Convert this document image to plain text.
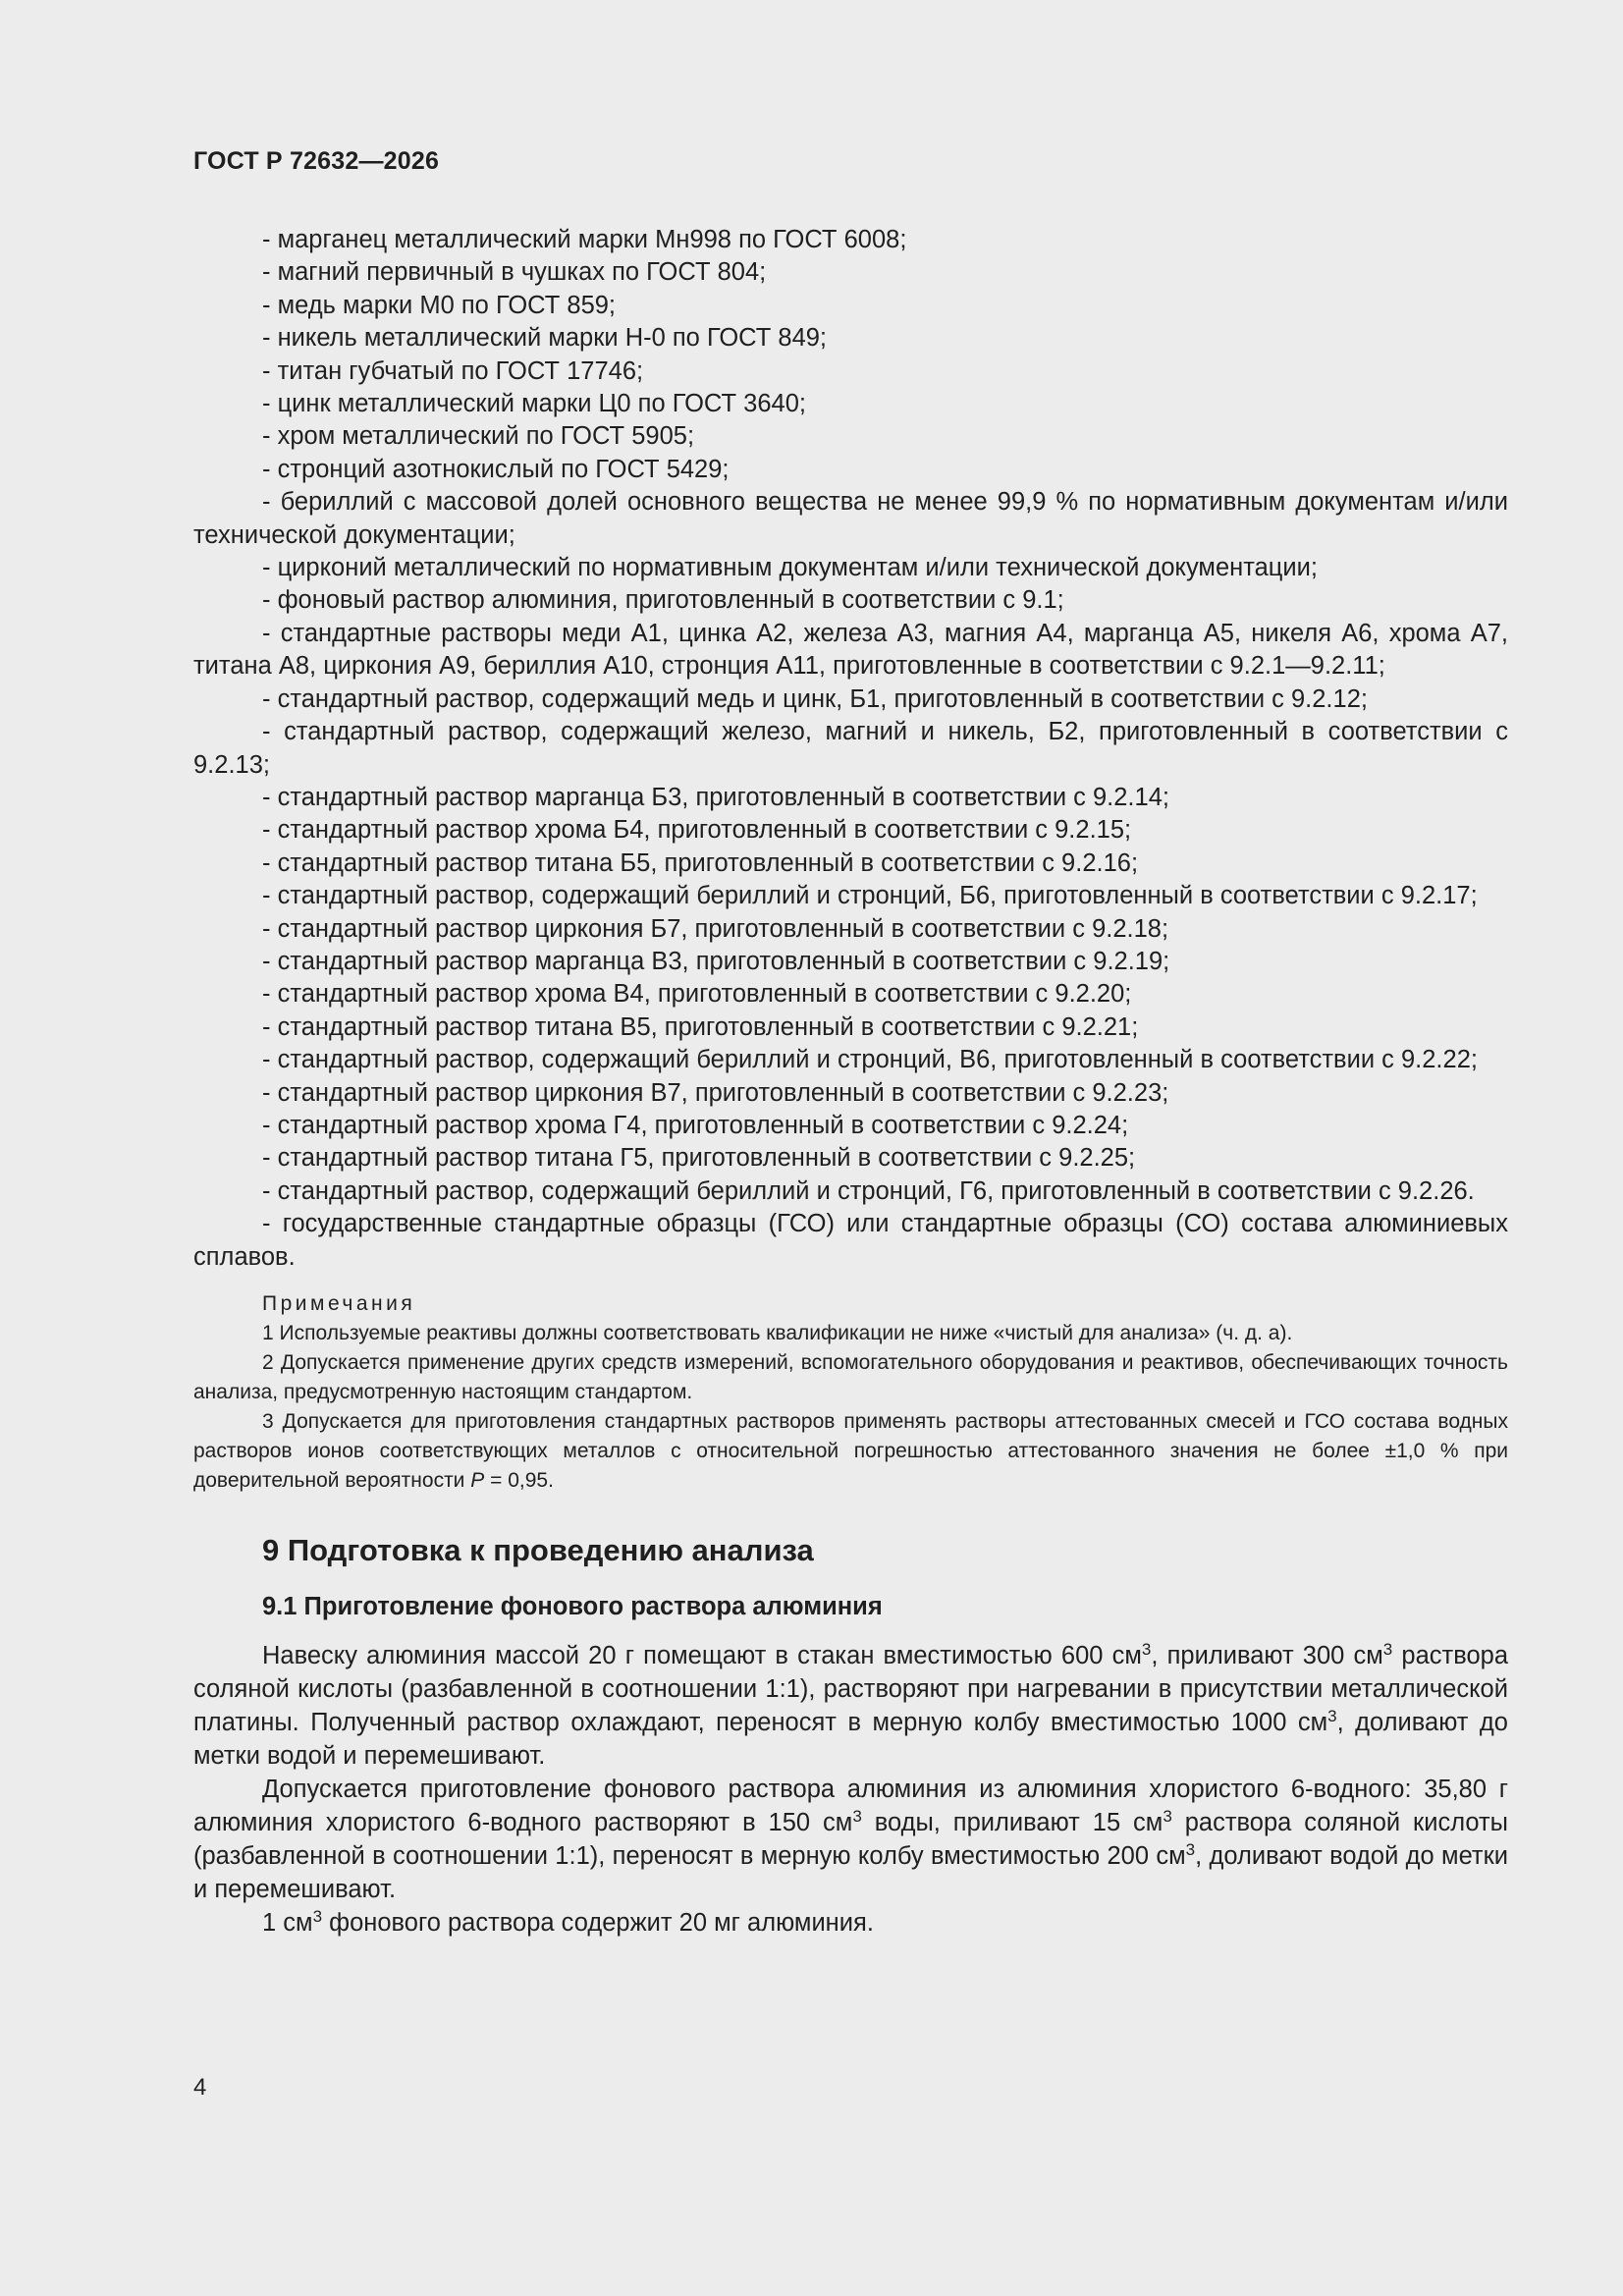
ГОСТ Р 72632—2026

- марганец металлический марки Мн998 по ГОСТ 6008;

- магний первичный в чушках по ГОСТ 804;

- медь марки М0 по ГОСТ 859;

- никель металлический марки Н-0 по ГОСТ 849;

- титан губчатый по ГОСТ 17746;

- цинк металлический марки Ц0 по ГОСТ 3640;

- хром металлический по ГОСТ 5905;

- стронций азотнокислый по ГОСТ 5429;

- бериллий с массовой долей основного вещества не менее 99,9 % по нормативным документам и/или технической документации;

- цирконий металлический по нормативным документам и/или технической документации;

- фоновый раствор алюминия, приготовленный в соответствии с 9.1;

- стандартные растворы меди А1, цинка А2, железа А3, магния А4, марганца А5, никеля А6, хрома А7, титана А8, циркония А9, бериллия А10, стронция А11, приготовленные в соответствии с 9.2.1—9.2.11;

- стандартный раствор, содержащий медь и цинк, Б1, приготовленный в соответствии с 9.2.12;

- стандартный раствор, содержащий железо, магний и никель, Б2, приготовленный в соответствии с 9.2.13;

- стандартный раствор марганца Б3, приготовленный в соответствии с 9.2.14;

- стандартный раствор хрома Б4, приготовленный в соответствии с 9.2.15;

- стандартный раствор титана Б5, приготовленный в соответствии с 9.2.16;

- стандартный раствор, содержащий бериллий и стронций, Б6, приготовленный в соответствии с 9.2.17;

- стандартный раствор циркония Б7, приготовленный в соответствии с 9.2.18;

- стандартный раствор марганца В3, приготовленный в соответствии с 9.2.19;

- стандартный раствор хрома В4, приготовленный в соответствии с 9.2.20;

- стандартный раствор титана В5, приготовленный в соответствии с 9.2.21;

- стандартный раствор, содержащий бериллий и стронций, В6, приготовленный в соответствии с 9.2.22;

- стандартный раствор циркония В7, приготовленный в соответствии с 9.2.23;

- стандартный раствор хрома Г4, приготовленный в соответствии с 9.2.24;

- стандартный раствор титана Г5, приготовленный в соответствии с 9.2.25;

- стандартный раствор, содержащий бериллий и стронций, Г6, приготовленный в соответствии с 9.2.26.

- государственные стандартные образцы (ГСО) или стандартные образцы (СО) состава алюминиевых сплавов.

Примечания

1 Используемые реактивы должны соответствовать квалификации не ниже «чистый для анализа» (ч. д. а).

2 Допускается применение других средств измерений, вспомогательного оборудования и реактивов, обеспечивающих точность анализа, предусмотренную настоящим стандартом.

3 Допускается для приготовления стандартных растворов применять растворы аттестованных смесей и ГСО состава водных растворов ионов соответствующих металлов с относительной погрешностью аттестованного значения не более ±1,0 % при доверительной вероятности P = 0,95.

9 Подготовка к проведению анализа
9.1 Приготовление фонового раствора алюминия

Навеску алюминия массой 20 г помещают в стакан вместимостью 600 $см^3$, приливают 300 $см^3$ раствора соляной кислоты (разбавленной в соотношении 1:1), растворяют при нагревании в присутствии металлической платины. Полученный раствор охлаждают, переносят в мерную колбу вместимостью 1000 $см^3$, доливают до метки водой и перемешивают.

Допускается приготовление фонового раствора алюминия из алюминия хлористого 6-водного: 35,80 г алюминия хлористого 6-водного растворяют в 150 $см^3$ воды, приливают 15 $см^3$ раствора соляной кислоты (разбавленной в соотношении 1:1), переносят в мерную колбу вместимостью 200 $см^3$, доливают водой до метки и перемешивают.

1 $см^3$ фонового раствора содержит 20 мг алюминия.

4
